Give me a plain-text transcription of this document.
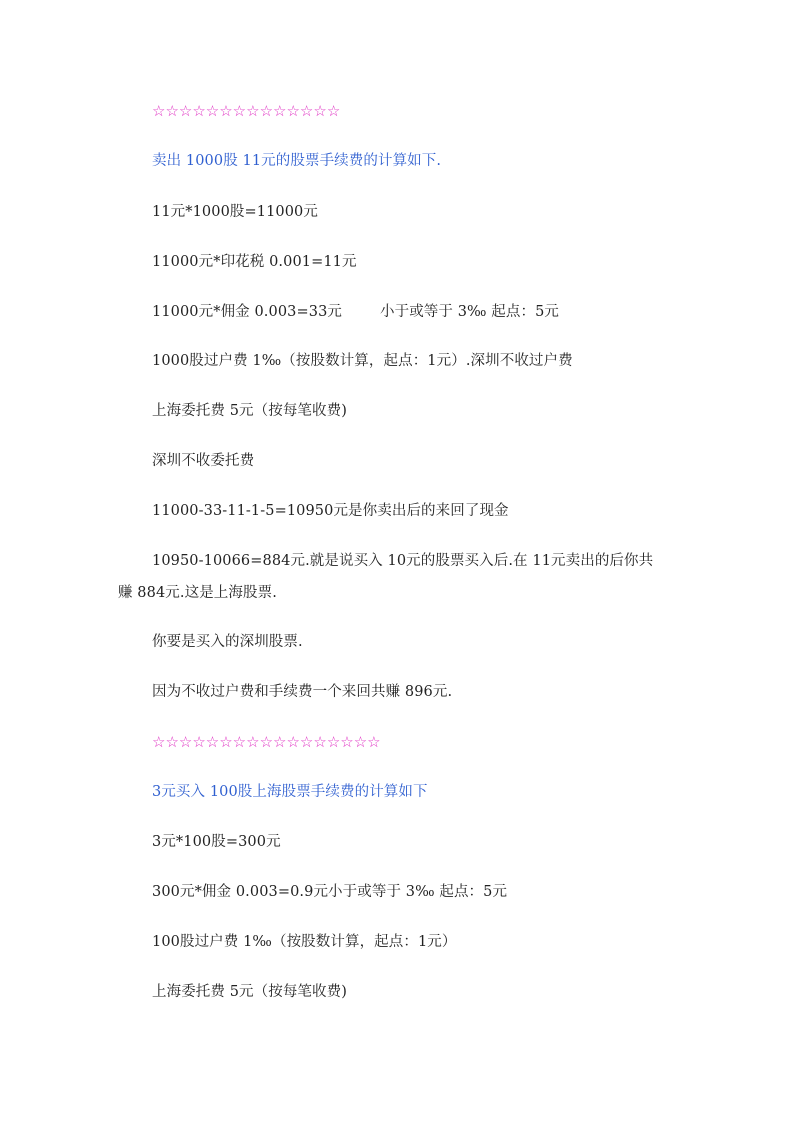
☆☆☆☆☆☆☆☆☆☆☆☆☆☆
卖出 1000股 11元的股票手续费的计算如下.
11元*1000股=11000元
11000元*印花税 0.001=11元
11000元*佣金 0.003=33元	小于或等于 3‰ 起点：5元
1000股过户费 1‰（按股数计算，起点：1元）.深圳不收过户费
上海委托费 5元（按每笔收费)
深圳不收委托费
11000-33-11-1-5=10950元是你卖出后的来回了现金
10950-10066=884元.就是说买入 10元的股票买入后.在 11元卖出的后你共
赚 884元.这是上海股票.
你要是买入的深圳股票.
因为不收过户费和手续费一个来回共赚 896元.
☆☆☆☆☆☆☆☆☆☆☆☆☆☆☆☆☆
3元买入 100股上海股票手续费的计算如下
3元*100股=300元
300元*佣金 0.003=0.9元小于或等于 3‰ 起点：5元
100股过户费 1‰（按股数计算，起点：1元）
上海委托费 5元（按每笔收费)
